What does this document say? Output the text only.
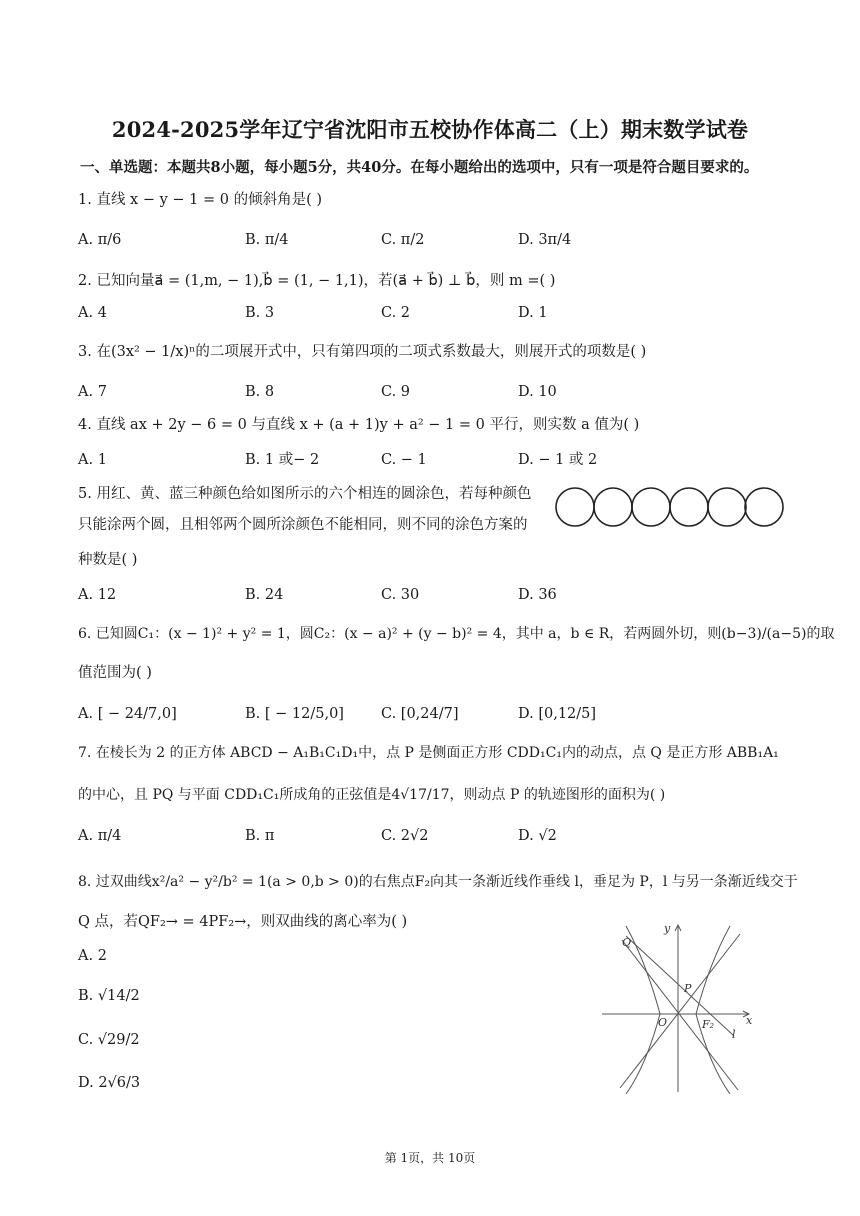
2024-2025学年辽宁省沈阳市五校协作体高二（上）期末数学试卷
一、单选题：本题共8小题，每小题5分，共40分。在每小题给出的选项中，只有一项是符合题目要求的。
1. 直线 x − y − 1 = 0 的倾斜角是( )
A. π/6	B. π/4	C. π/2	D. 3π/4
2. 已知向量a⃗ = (1,m, − 1),b⃗ = (1, − 1,1)，若(a⃗ + b⃗) ⊥ b⃗，则 m =( )
A. 4	B. 3	C. 2	D. 1
3. 在(3x² − 1/x)ⁿ的二项展开式中，只有第四项的二项式系数最大，则展开式的项数是( )
A. 7	B. 8	C. 9	D. 10
4. 直线 ax + 2y − 6 = 0 与直线 x + (a + 1)y + a² − 1 = 0 平行，则实数 a 值为( )
A. 1	B. 1 或− 2	C. − 1	D. − 1 或 2
5. 用红、黄、蓝三种颜色给如图所示的六个相连的圆涂色，若每种颜色
只能涂两个圆，且相邻两个圆所涂颜色不能相同，则不同的涂色方案的
种数是( )
A. 12	B. 24	C. 30	D. 36
6. 已知圆C₁：(x − 1)² + y² = 1，圆C₂：(x − a)² + (y − b)² = 4，其中 a，b ∈ R，若两圆外切，则(b−3)/(a−5)的取
值范围为( )
A. [ − 24/7,0]	B. [ − 12/5,0]	C. [0,24/7]	D. [0,12/5]
7. 在棱长为 2 的正方体 ABCD − A₁B₁C₁D₁中，点 P 是侧面正方形 CDD₁C₁内的动点，点 Q 是正方形 ABB₁A₁
的中心，且 PQ 与平面 CDD₁C₁所成角的正弦值是4√17/17，则动点 P 的轨迹图形的面积为( )
A. π/4	B. π	C. 2√2	D. √2
8. 过双曲线x²/a² − y²/b² = 1(a > 0,b > 0)的右焦点F₂向其一条渐近线作垂线 l，垂足为 P，l 与另一条渐近线交于
Q 点，若QF₂→ = 4PF₂→，则双曲线的离心率为( )
A. 2
B. √14/2
C. √29/2
D. 2√6/3
Q
y
P
O	F₂
l
x
第 1页，共 10页
